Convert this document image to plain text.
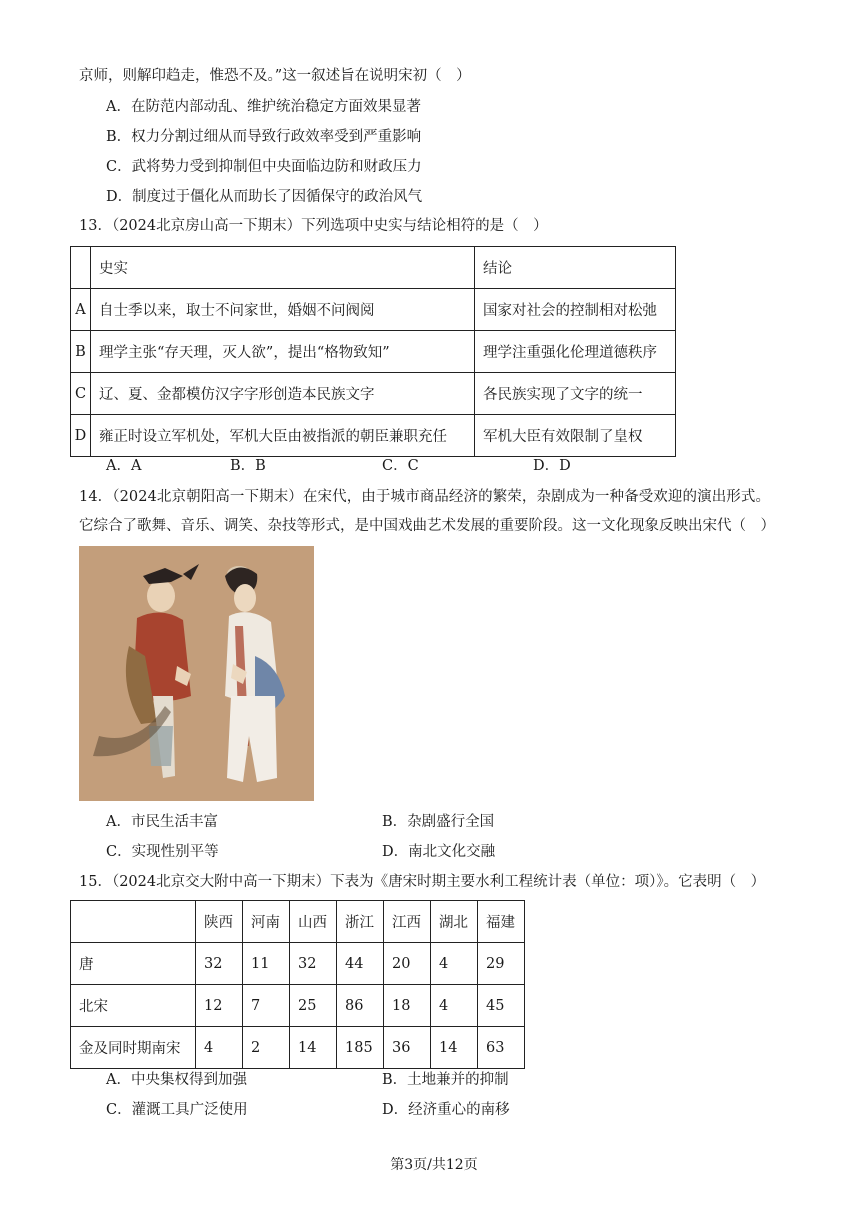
京师，则解印趋走，惟恐不及。”这一叙述旨在说明宋初（　）
A．在防范内部动乱、维护统治稳定方面效果显著
B．权力分割过细从而导致行政效率受到严重影响
C．武将势力受到抑制但中央面临边防和财政压力
D．制度过于僵化从而助长了因循保守的政治风气
13．（2024北京房山高一下期末）下列选项中史实与结论相符的是（　）
	史实	结论
A	自士季以来，取士不问家世，婚姻不问阀阅	国家对社会的控制相对松弛
B	理学主张“存天理，灭人欲”，提出“格物致知”	理学注重强化伦理道德秩序
C	辽、夏、金都模仿汉字字形创造本民族文字	各民族实现了文字的统一
D	雍正时设立军机处，军机大臣由被指派的朝臣兼职充任	军机大臣有效限制了皇权
A．A	B．B	C．C	D．D
14．（2024北京朝阳高一下期末）在宋代，由于城市商品经济的繁荣，杂剧成为一种备受欢迎的演出形式。
它综合了歌舞、音乐、调笑、杂技等形式，是中国戏曲艺术发展的重要阶段。这一文化现象反映出宋代（　）
A．市民生活丰富	B．杂剧盛行全国
C．实现性别平等	D．南北文化交融
15．（2024北京交大附中高一下期末）下表为《唐宋时期主要水利工程统计表（单位：项）》。它表明（　）
	陕西	河南	山西	浙江	江西	湖北	福建
唐	32	11	32	44	20	4	29
北宋	12	7	25	86	18	4	45
金及同时期南宋	4	2	14	185	36	14	63
A．中央集权得到加强	B．土地兼并的抑制
C．灌溉工具广泛使用	D．经济重心的南移
第3页/共12页
